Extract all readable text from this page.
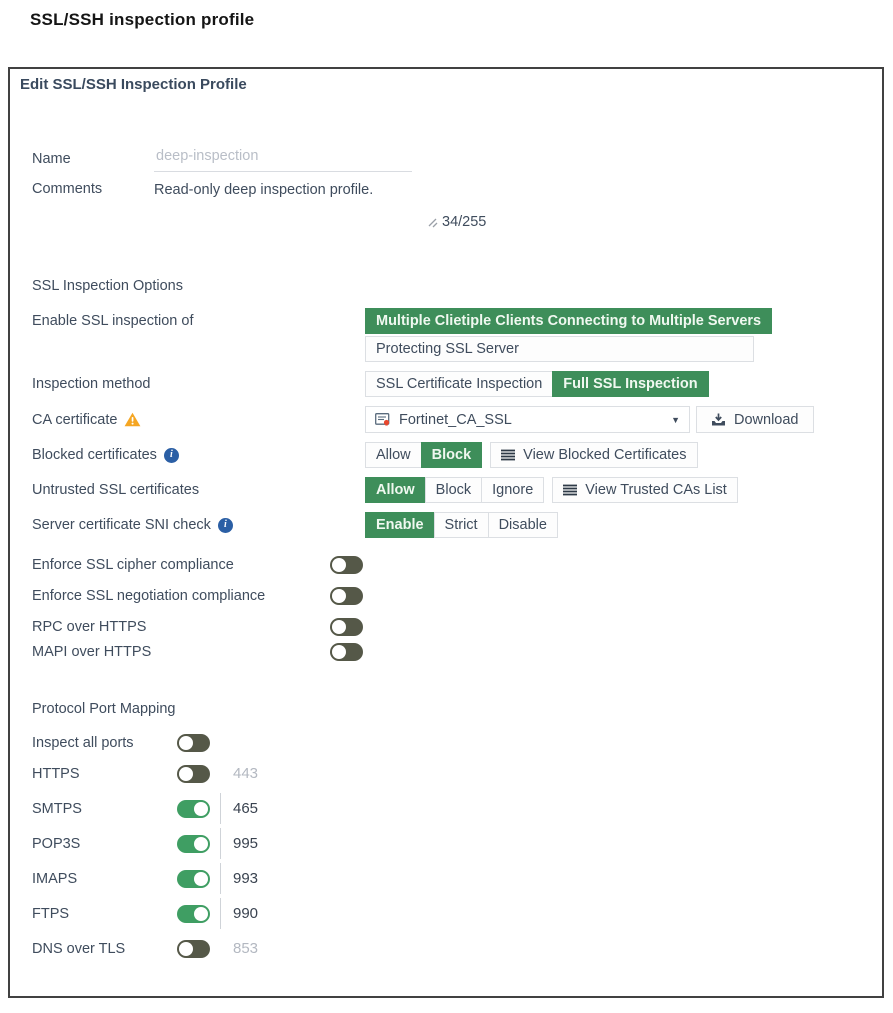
SSL/SSH inspection profile
Edit SSL/SSH Inspection Profile
Name	deep-inspection
Comments	Read-only deep inspection profile.
34/255
SSL Inspection Options
Enable SSL inspection of	Multiple Clietiple Clients Connecting to Multiple Servers
Protecting SSL Server
Inspection method	SSL Certificate Inspection	Full SSL Inspection
CA certificate	Fortinet_CA_SSL	▼	Download
Blocked certificates	i	Allow	Block	View Blocked Certificates
Untrusted SSL certificates	Allow	Block	Ignore	View Trusted CAs List
Server certificate SNI check	i	Enable	Strict	Disable
Enforce SSL cipher compliance
Enforce SSL negotiation compliance
RPC over HTTPS
MAPI over HTTPS
Protocol Port Mapping
Inspect all ports
HTTPS	443
SMTPS	465
POP3S	995
IMAPS	993
FTPS	990
DNS over TLS	853
